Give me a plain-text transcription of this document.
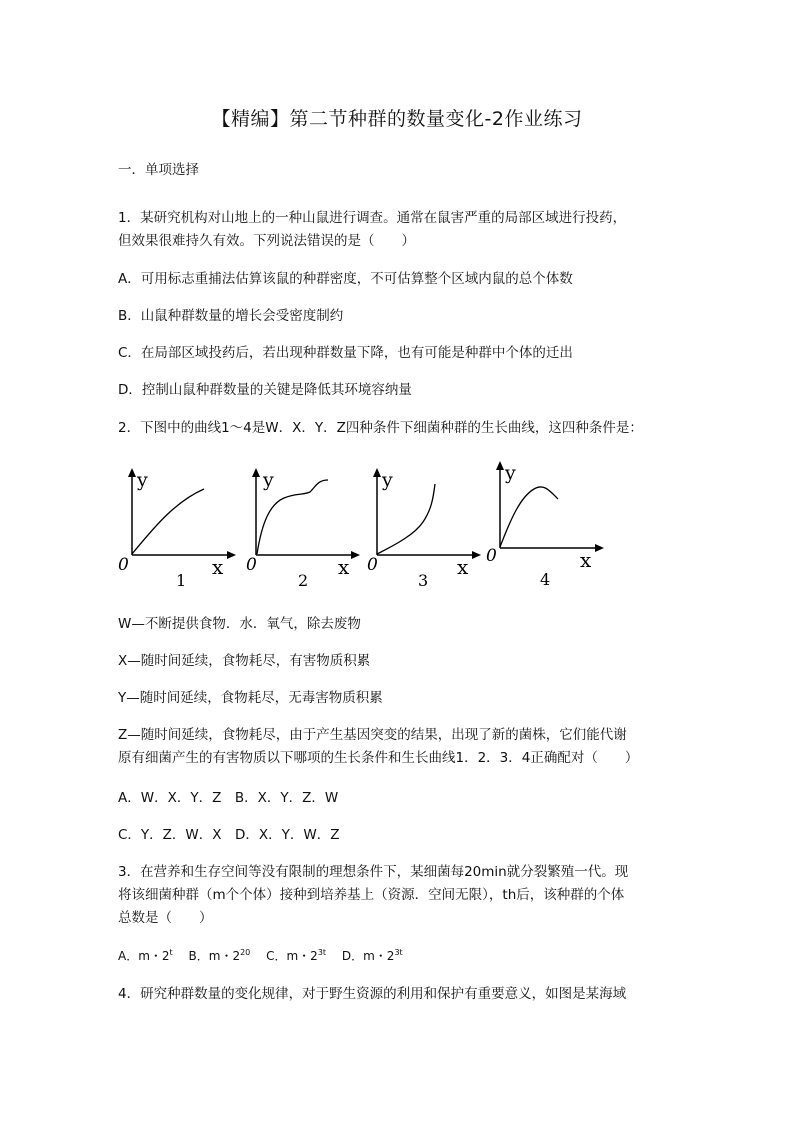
【精编】第二节种群的数量变化-2作业练习
一．单项选择
1．某研究机构对山地上的一种山鼠进行调查。通常在鼠害严重的局部区域进行投药，
但效果很难持久有效。下列说法错误的是（　　）
A．可用标志重捕法估算该鼠的种群密度，不可估算整个区域内鼠的总个体数
B．山鼠种群数量的增长会受密度制约
C．在局部区域投药后，若出现种群数量下降，也有可能是种群中个体的迁出
D．控制山鼠种群数量的关键是降低其环境容纳量
2．下图中的曲线1～4是W．X．Y．Z四种条件下细菌种群的生长曲线，这四种条件是：
y
0	x
1
y
0	x
2
y
0	x
3
y
0	x
4
W—不断提供食物．水．氧气，除去废物
X—随时间延续，食物耗尽，有害物质积累
Y—随时间延续，食物耗尽，无毒害物质积累
Z—随时间延续，食物耗尽，由于产生基因突变的结果，出现了新的菌株，它们能代谢
原有细菌产生的有害物质以下哪项的生长条件和生长曲线1．2．3．4正确配对（　　）
A．W．X．Y．Z　B．X．Y．Z．W
C．Y．Z．W．X　D．X．Y．W．Z
3．在营养和生存空间等没有限制的理想条件下，某细菌每20min就分裂繁殖一代。现
将该细菌种群（m个个体）接种到培养基上（资源．空间无限），th后，该种群的个体
总数是（　　）
A．m・2$^t$ 　B．m・$2^{20}$ 　C．m・$2^{3t}$ 　D．m・$2^{3t}$
4．研究种群数量的变化规律，对于野生资源的利用和保护有重要意义，如图是某海域
